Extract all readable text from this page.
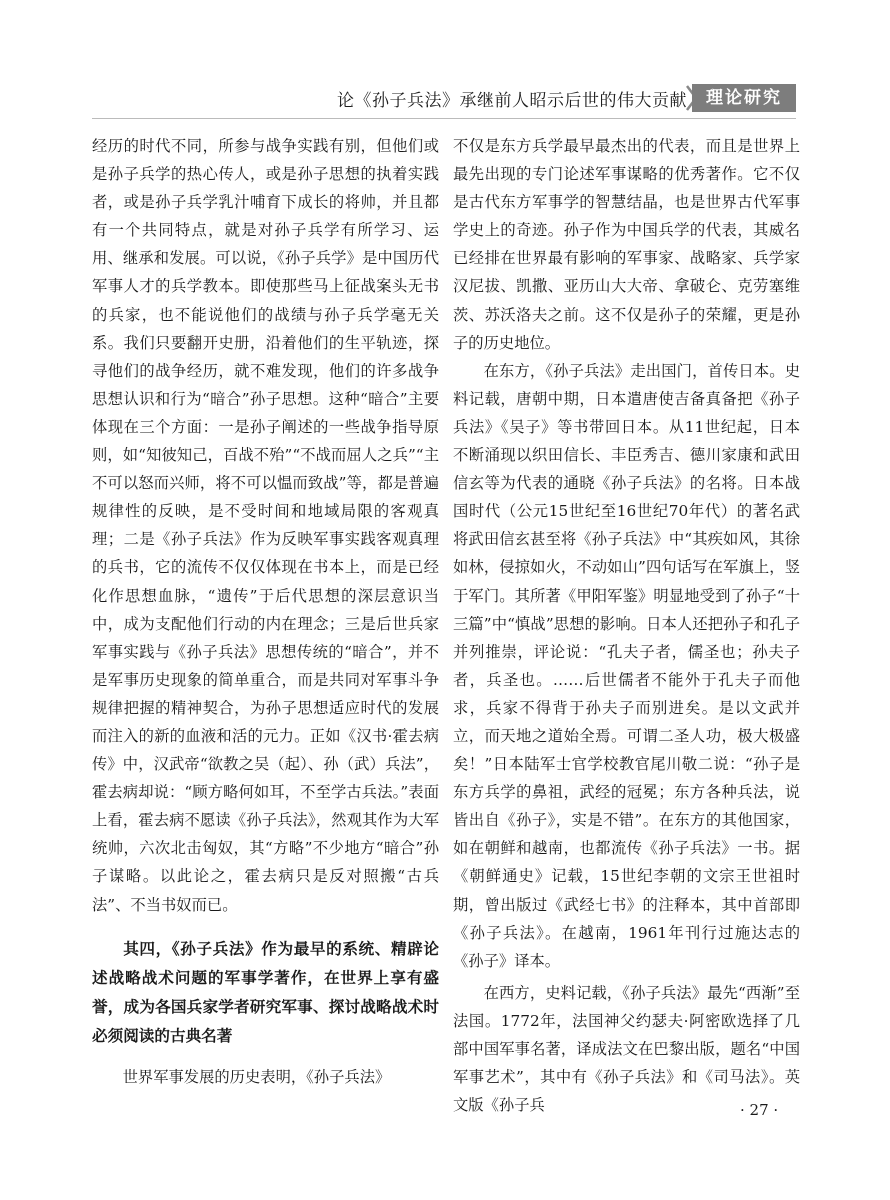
论《孙子兵法》承继前人昭示后世的伟大贡献	理论研究

经历的时代不同，所参与战争实践有别，但他们或是孙子兵学的热心传人，或是孙子思想的执着实践者，或是孙子兵学乳汁哺育下成长的将帅，并且都有一个共同特点，就是对孙子兵学有所学习、运用、继承和发展。可以说，《孙子兵学》是中国历代军事人才的兵学教本。即使那些马上征战案头无书的兵家，也不能说他们的战绩与孙子兵学毫无关系。我们只要翻开史册，沿着他们的生平轨迹，探寻他们的战争经历，就不难发现，他们的许多战争思想认识和行为“暗合”孙子思想。这种“暗合”主要体现在三个方面：一是孙子阐述的一些战争指导原则，如“知彼知己，百战不殆”“不战而屈人之兵”“主不可以怒而兴师，将不可以愠而致战”等，都是普遍规律性的反映，是不受时间和地域局限的客观真理；二是《孙子兵法》作为反映军事实践客观真理的兵书，它的流传不仅仅体现在书本上，而是已经化作思想血脉，“遗传”于后代思想的深层意识当中，成为支配他们行动的内在理念；三是后世兵家军事实践与《孙子兵法》思想传统的“暗合”，并不是军事历史现象的简单重合，而是共同对军事斗争规律把握的精神契合，为孙子思想适应时代的发展而注入的新的血液和活的元力。正如《汉书·霍去病传》中，汉武帝“欲教之吴（起）、孙（武）兵法”，霍去病却说：“顾方略何如耳，不至学古兵法。”表面上看，霍去病不愿读《孙子兵法》，然观其作为大军统帅，六次北击匈奴，其“方略”不少地方“暗合”孙子谋略。以此论之，霍去病只是反对照搬“古兵法”、不当书奴而已。

其四，《孙子兵法》作为最早的系统、精辟论述战略战术问题的军事学著作，在世界上享有盛誉，成为各国兵家学者研究军事、探讨战略战术时必须阅读的古典名著

世界军事发展的历史表明，《孙子兵法》

不仅是东方兵学最早最杰出的代表，而且是世界上最先出现的专门论述军事谋略的优秀著作。它不仅是古代东方军事学的智慧结晶，也是世界古代军事学史上的奇迹。孙子作为中国兵学的代表，其威名已经排在世界最有影响的军事家、战略家、兵学家汉尼拔、凯撒、亚历山大大帝、拿破仑、克劳塞维茨、苏沃洛夫之前。这不仅是孙子的荣耀，更是孙子的历史地位。

在东方，《孙子兵法》走出国门，首传日本。史料记载，唐朝中期，日本遣唐使吉备真备把《孙子兵法》《吴子》等书带回日本。从11世纪起，日本不断涌现以织田信长、丰臣秀吉、德川家康和武田信玄等为代表的通晓《孙子兵法》的名将。日本战国时代（公元15世纪至16世纪70年代）的著名武将武田信玄甚至将《孙子兵法》中“其疾如风，其徐如林，侵掠如火，不动如山”四句话写在军旗上，竖于军门。其所著《甲阳军鉴》明显地受到了孙子“十三篇”中“慎战”思想的影响。日本人还把孙子和孔子并列推崇，评论说：“孔夫子者，儒圣也；孙夫子者，兵圣也。……后世儒者不能外于孔夫子而他求，兵家不得背于孙夫子而别进矣。是以文武并立，而天地之道始全焉。可谓二圣人功，极大极盛矣！”日本陆军士官学校教官尾川敬二说：“孙子是东方兵学的鼻祖，武经的冠冕；东方各种兵法，说皆出自《孙子》，实是不错”。在东方的其他国家，如在朝鲜和越南，也都流传《孙子兵法》一书。据《朝鲜通史》记载，15世纪李朝的文宗王世祖时期，曾出版过《武经七书》的注释本，其中首部即《孙子兵法》。在越南，1961年刊行过施达志的《孙子》译本。

在西方，史料记载，《孙子兵法》最先“西渐”至法国。1772年，法国神父约瑟夫·阿密欧选择了几部中国军事名著，译成法文在巴黎出版，题名“中国军事艺术”，其中有《孙子兵法》和《司马法》。英文版《孙子兵	· 27 ·
